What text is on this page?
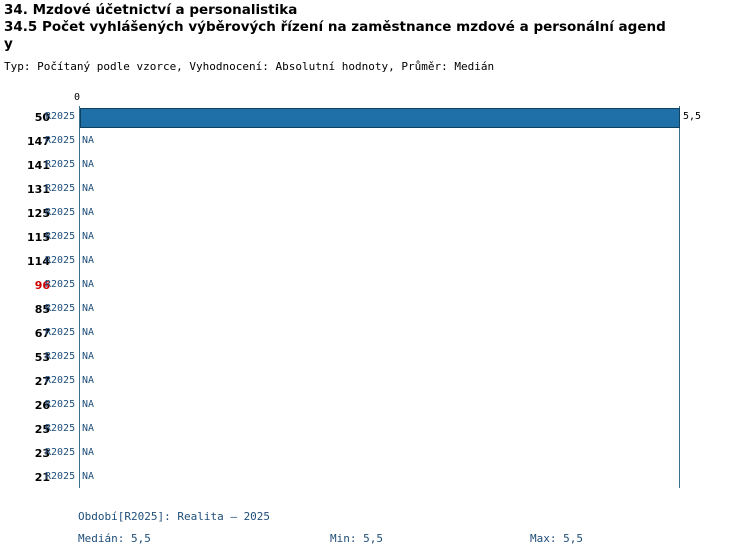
34. Mzdové účetnictví a personalistika
34.5 Počet vyhlášených výběrových řízení na zaměstnance mzdové a personální agend
y
Typ: Počítaný podle vzorce, Vyhodnocení: Absolutní hodnoty, Průměr: Medián
0
50
R2025	5,5
147
R2025 NA
141
R2025 NA
131
R2025 NA
125
R2025 NA
115
R2025 NA
114
R2025 NA
96
R2025 NA
85
R2025 NA
67
R2025 NA
53
R2025 NA
27
R2025 NA
26
R2025 NA
25
R2025 NA
23
R2025 NA
21
R2025 NA
Období[R2025]: Realita – 2025
Medián: 5,5	Min: 5,5	Max: 5,5
